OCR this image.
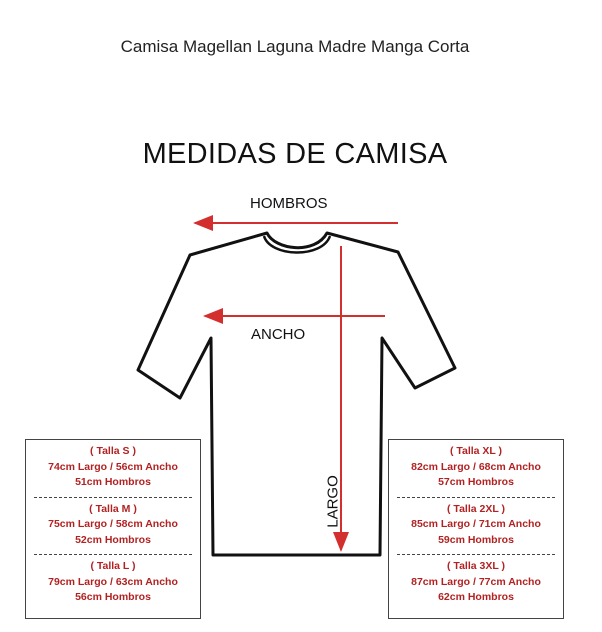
Camisa Magellan Laguna Madre Manga Corta
MEDIDAS DE CAMISA
HOMBROS
ANCHO
LARGO
( Talla S )
74cm Largo / 56cm Ancho
51cm Hombros
( Talla M )
75cm Largo / 58cm Ancho
52cm Hombros
( Talla L )
79cm Largo / 63cm Ancho
56cm Hombros
( Talla XL )
82cm Largo / 68cm Ancho
57cm Hombros
( Talla 2XL )
85cm Largo / 71cm Ancho
59cm Hombros
( Talla 3XL )
87cm Largo / 77cm Ancho
62cm Hombros
